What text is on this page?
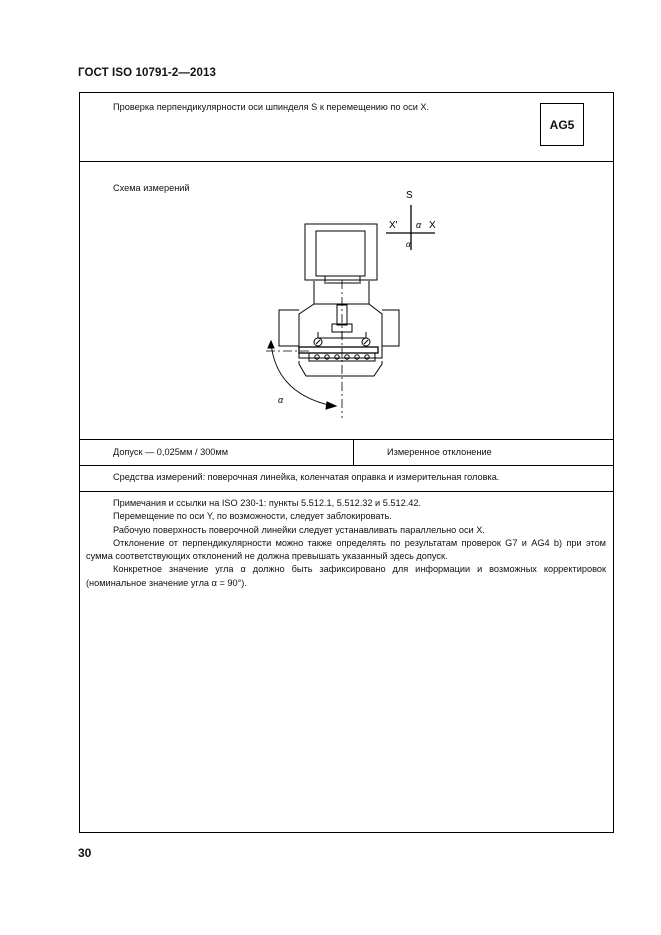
ГОСТ ISO 10791-2—2013
Проверка перпендикулярности оси шпинделя S к перемещению по оси X.
AG5
Схема измерений
S
X'	X
α
α
α
Допуск — 0,025мм / 300мм	Измеренное отклонение
Средства измерений: поверочная линейка, коленчатая оправка и измерительная головка.

Примечания и ссылки на ISO 230-1: пункты 5.512.1, 5.512.32 и 5.512.42.

Перемещение по оси Y, по возможности, следует заблокировать.

Рабочую поверхность поверочной линейки следует устанавливать параллельно оси X.

Отклонение от перпендикулярности можно также определять по результатам проверок G7 и AG4 b) при этом сумма соответствующих отклонений не должна превышать указанный здесь допуск.

Конкретное значение угла α должно быть зафиксировано для информации и возможных корректировок (номинальное значение угла α = 90°).

30
